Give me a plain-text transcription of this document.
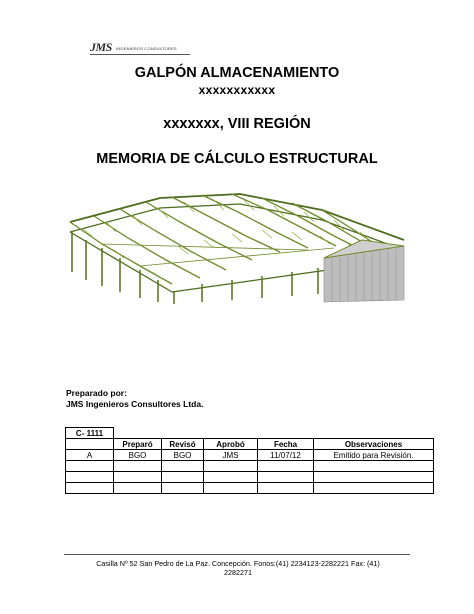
JMS INGENIEROS CONSULTORES
GALPÓN ALMACENAMIENTO
xxxxxxxxxxx
xxxxxxx, VIII REGIÓN
MEMORIA DE CÁLCULO ESTRUCTURAL
Preparado por:
JMS Ingenieros Consultores Ltda.
C- 1111					
	Preparó	Revisó	Aprobó	Fecha	Observaciones
A	BGO	BGO	JMS	11/07/12	Emitido para Revisión.

Casilla Nº 52 San Pedro de La Paz. Concepción. Fonos:(41) 2234123-2282221 Fax: (41)
2282271
